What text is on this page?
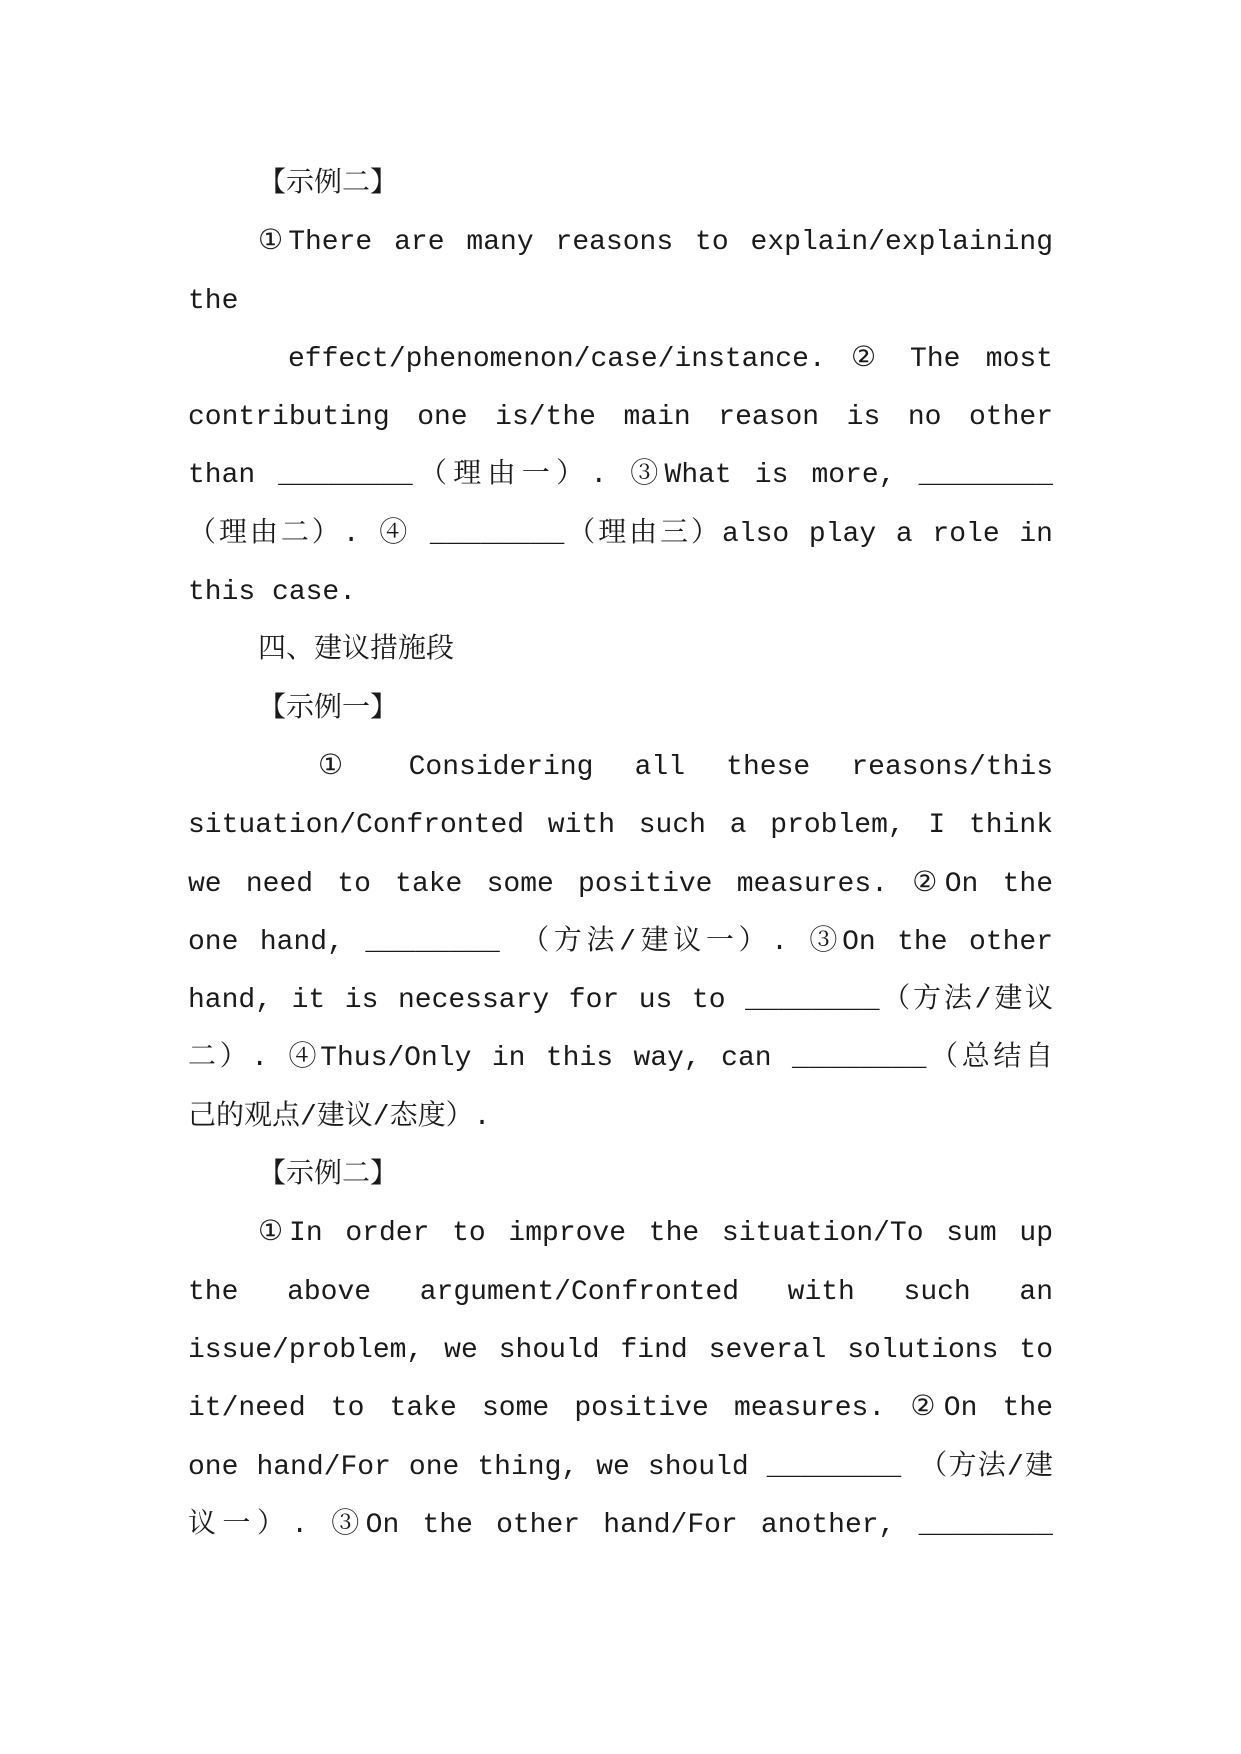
【示例二】
①There are many reasons to explain/explaining
the
effect/phenomenon/case/instance. ② The most
contributing one is/the main reason is no other
than ________（理由一）. ③What is more, ________
（理由二）. ④ ________（理由三）also play a role in
this case.
四、建议措施段
【示例一】
① Considering all these reasons/this
situation/Confronted with such a problem, I think
we need to take some positive measures. ②On the
one hand, ________ （方法/建议一）. ③On the other
hand, it is necessary for us to ________（方法/建议
二）. ④Thus/Only in this way, can ________（总结自
己的观点/建议/态度）.
【示例二】
①In order to improve the situation/To sum up
the above argument/Confronted with such an
issue/problem, we should find several solutions to
it/need to take some positive measures. ②On the
one hand/For one thing, we should ________ （方法/建
议一）. ③On the other hand/For another, ________
